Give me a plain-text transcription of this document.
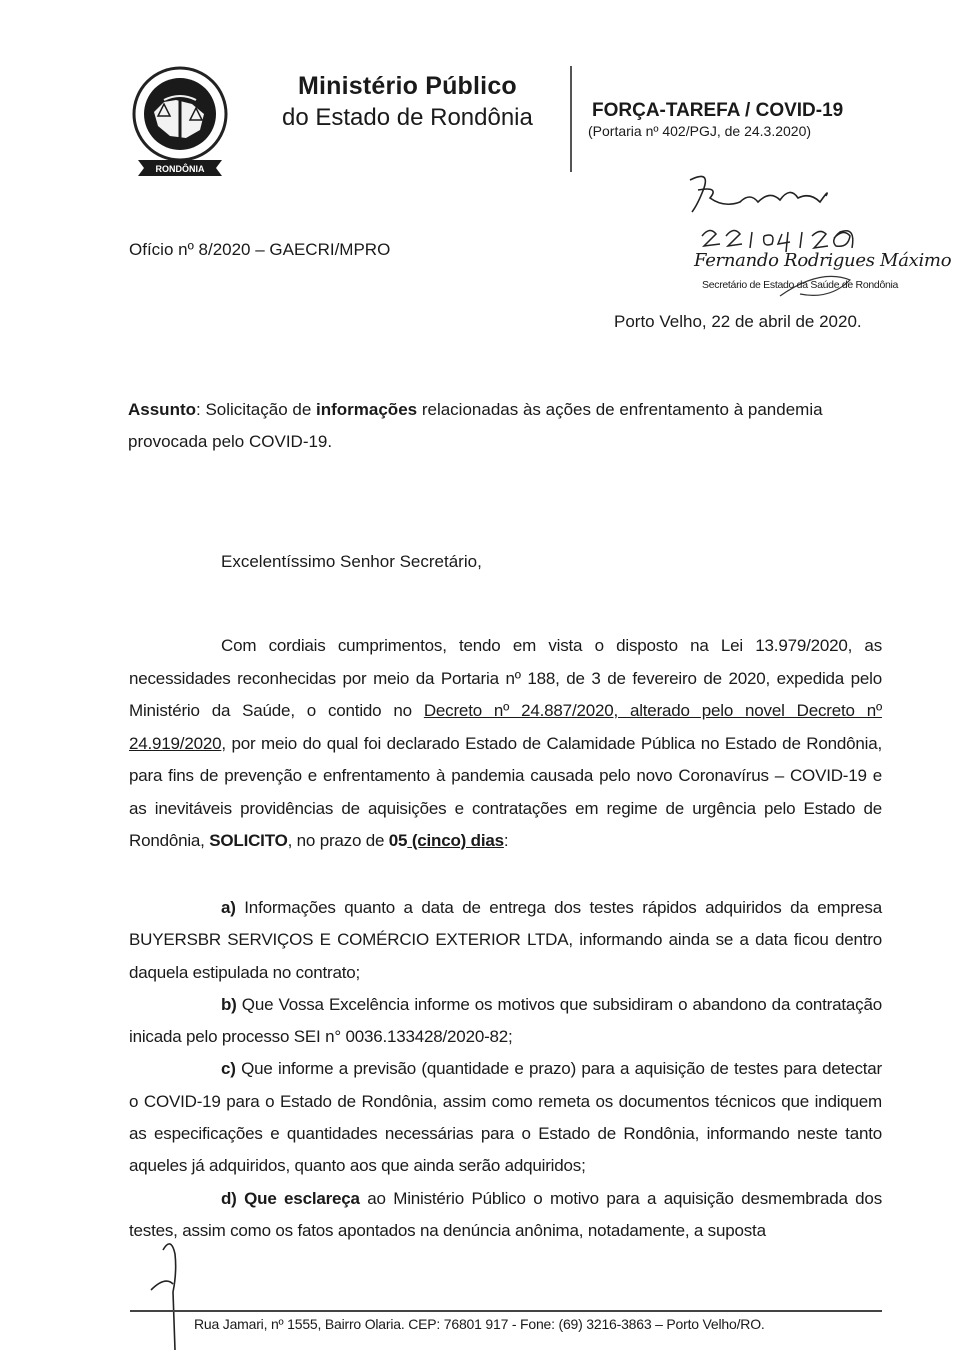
RONDÔNIA
Ministério Público
do Estado de Rondônia	FORÇA-TAREFA / COVID-19
(Portaria nº 402/PGJ, de 24.3.2020)
Fernando Rodrigues Máximo
Secretário de Estado da Saúde de Rondônia
Ofício nº 8/2020 – GAECRI/MPRO
Porto Velho, 22 de abril de 2020.
Assunto: Solicitação de informações relacionadas às ações de enfrentamento à pandemia provocada pelo COVID-19.
Excelentíssimo Senhor Secretário,
Com cordiais cumprimentos, tendo em vista o disposto na Lei 13.979/2020, as necessidades reconhecidas por meio da Portaria nº 188, de 3 de fevereiro de 2020, expedida pelo Ministério da Saúde, o contido no Decreto nº 24.887/2020, alterado pelo novel Decreto nº 24.919/2020, por meio do qual foi declarado Estado de Calamidade Pública no Estado de Rondônia, para fins de prevenção e enfrentamento à pandemia causada pelo novo Coronavírus – COVID-19 e as inevitáveis providências de aquisições e contratações em regime de urgência pelo Estado de Rondônia, SOLICITO, no prazo de 05 (cinco) dias:

a) Informações quanto a data de entrega dos testes rápidos adquiridos da empresa BUYERSBR SERVIÇOS E COMÉRCIO EXTERIOR LTDA, informando ainda se a data ficou dentro daquela estipulada no contrato;

b) Que Vossa Excelência informe os motivos que subsidiram o abandono da contratação inicada pelo processo SEI n° 0036.133428/2020-82;

c) Que informe a previsão (quantidade e prazo) para a aquisição de testes para detectar o COVID-19 para o Estado de Rondônia, assim como remeta os documentos técnicos que indiquem as especificações e quantidades necessárias para o Estado de Rondônia, informando neste tanto aqueles já adquiridos, quanto aos que ainda serão adquiridos;

d) Que esclareça ao Ministério Público o motivo para a aquisição desmembrada dos testes, assim como os fatos apontados na denúncia anônima, notadamente, a suposta

Rua Jamari, nº 1555, Bairro Olaria. CEP: 76801 917 - Fone: (69) 3216-3863 – Porto Velho/RO.
